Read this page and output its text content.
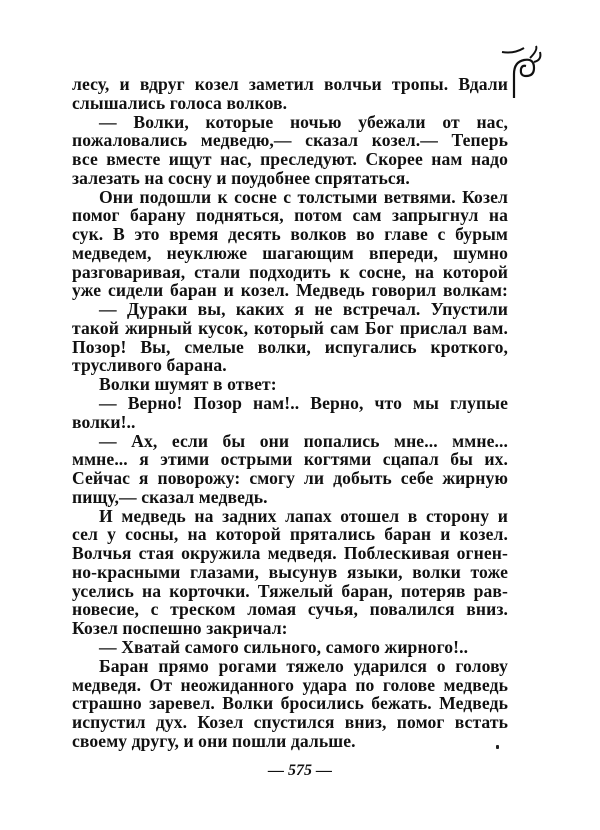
лесу, и вдруг козел заметил волчьи тропы. Вдали
слышались голоса волков.
— Волки, которые ночью убежали от нас,
пожаловались медведю,— сказал козел.— Теперь
все вместе ищут нас, преследуют. Скорее нам надо
залезать на сосну и поудобнее спрятаться.
Они подошли к сосне с толстыми ветвями. Козел
помог барану подняться, потом сам запрыгнул на
сук. В это время десять волков во главе с бурым
медведем, неуклюже шагающим впереди, шумно
разговаривая, стали подходить к сосне, на которой
уже сидели баран и козел. Медведь говорил волкам:
— Дураки вы, каких я не встречал. Упустили
такой жирный кусок, который сам Бог прислал вам.
Позор! Вы, смелые волки, испугались кроткого,
трусливого барана.
Волки шумят в ответ:
— Верно! Позор нам!.. Верно, что мы глупые
волки!..
— Ах, если бы они попались мне... ммне...
ммне... я этими острыми когтями сцапал бы их.
Сейчас я поворожу: смогу ли добыть себе жирную
пищу,— сказал медведь.
И медведь на задних лапах отошел в сторону и
сел у сосны, на которой прятались баран и козел.
Волчья стая окружила медведя. Поблескивая огнен-
но-красными глазами, высунув языки, волки тоже
уселись на корточки. Тяжелый баран, потеряв рав-
новесие, с треском ломая сучья, повалился вниз.
Козел поспешно закричал:
— Хватай самого сильного, самого жирного!..
Баран прямо рогами тяжело ударился о голову
медведя. От неожиданного удара по голове медведь
страшно заревел. Волки бросились бежать. Медведь
испустил дух. Козел спустился вниз, помог встать
своему другу, и они пошли дальше.
— 575 —
